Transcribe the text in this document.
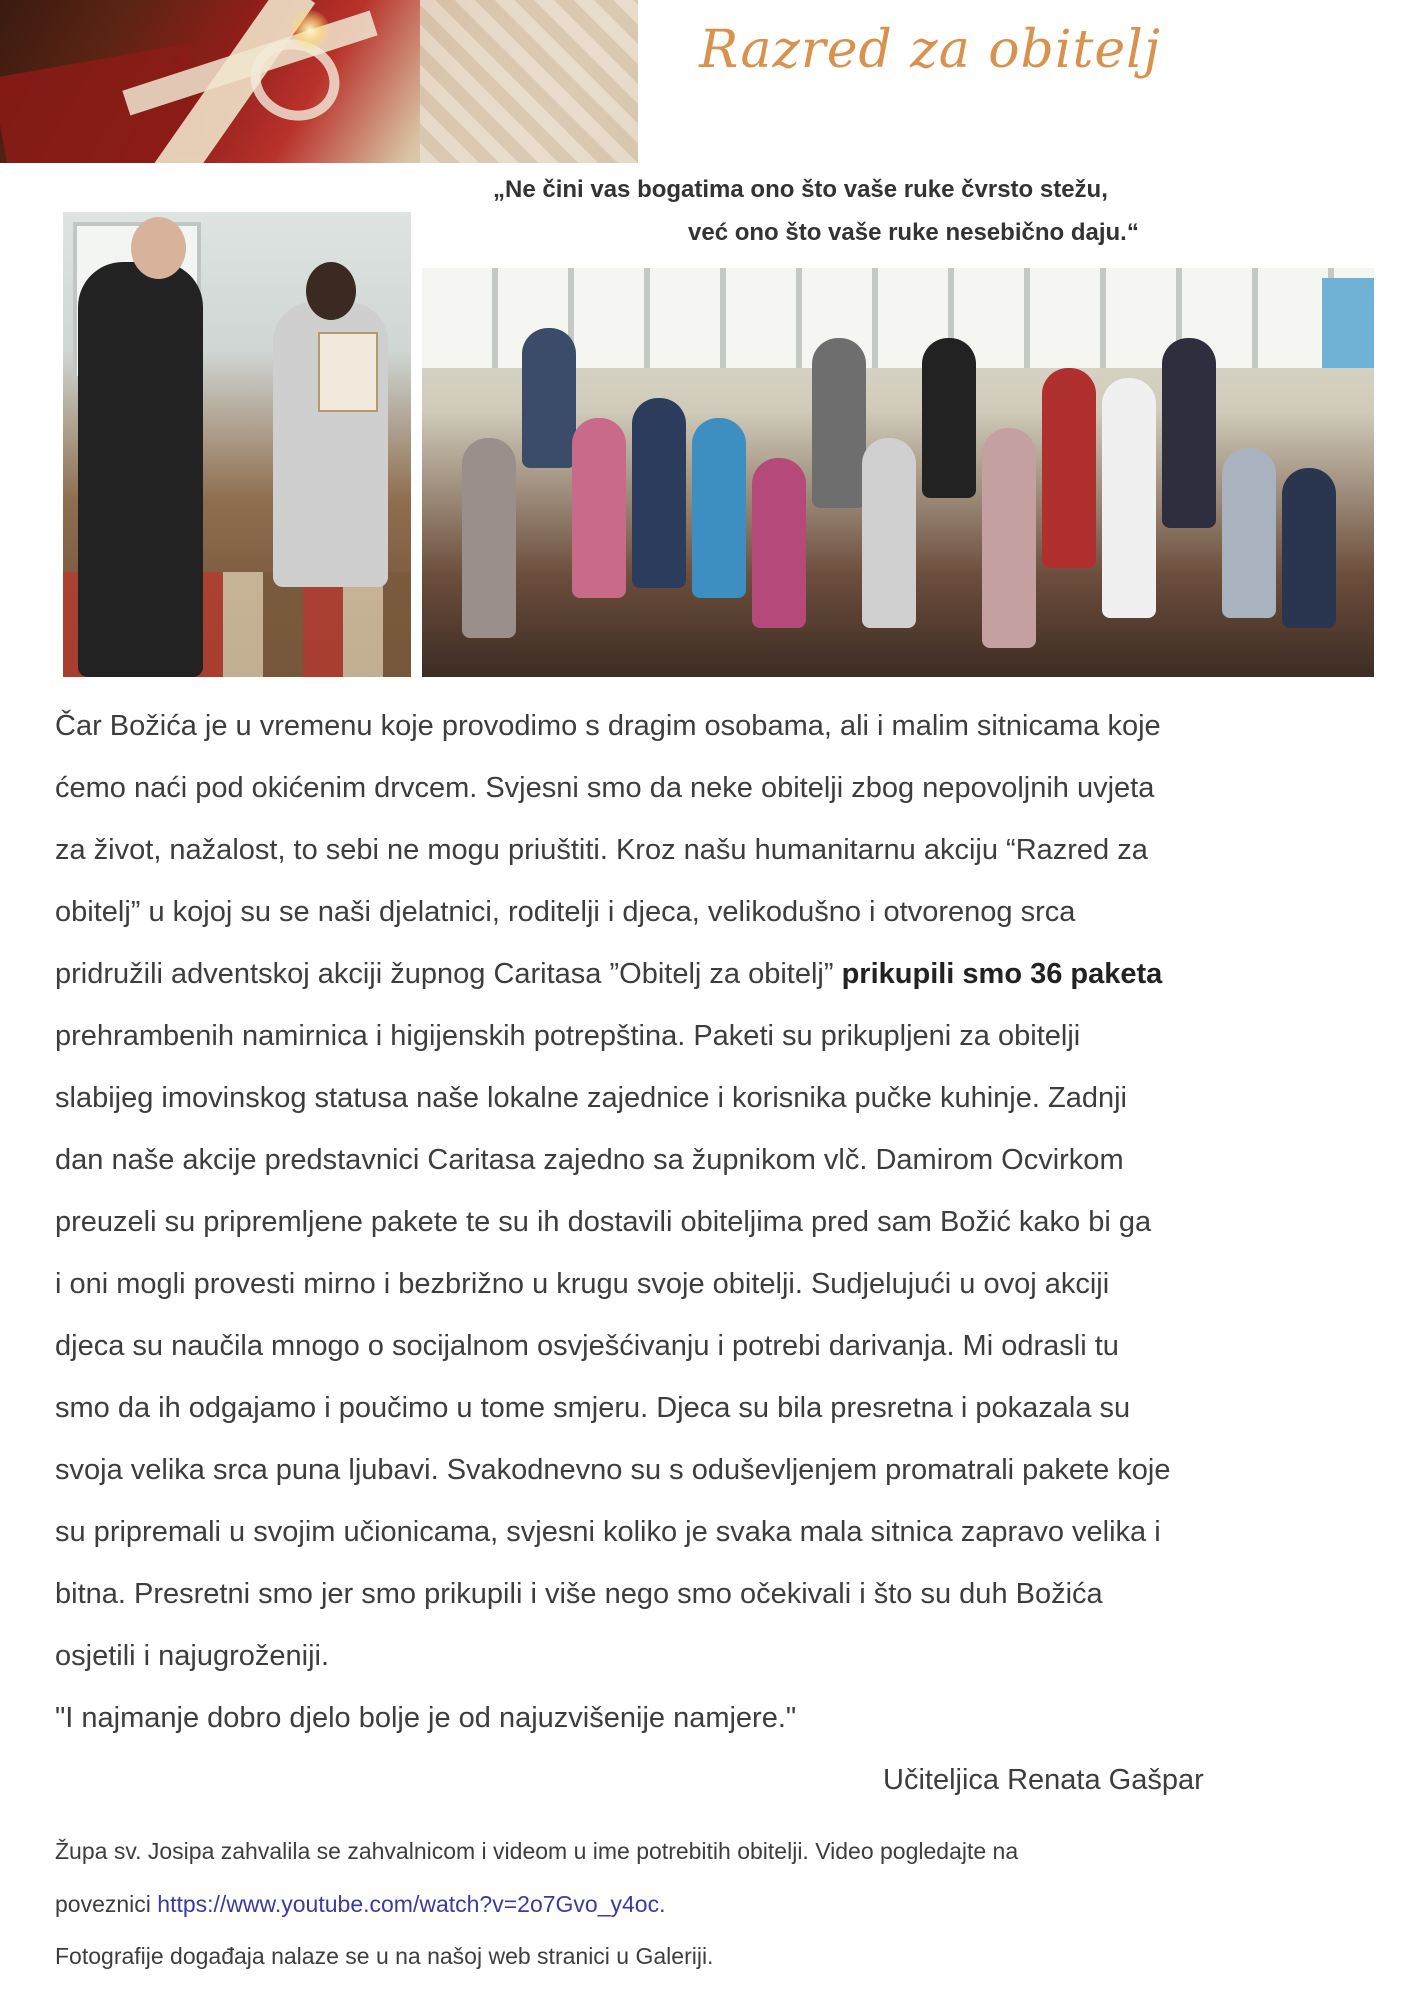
Razred za obitelj
„Ne čini vas bogatima ono što vaše ruke čvrsto stežu,
već ono što vaše ruke nesebično daju.“
Čar Božića je u vremenu koje provodimo s dragim osobama, ali i malim sitnicama koje
ćemo naći pod okićenim drvcem. Svjesni smo da neke obitelji zbog nepovoljnih uvjeta
za život, nažalost, to sebi ne mogu priuštiti. Kroz našu humanitarnu akciju “Razred za
obitelj” u kojoj su se naši djelatnici, roditelji i djeca, velikodušno i otvorenog srca
pridružili adventskoj akciji župnog Caritasa ”Obitelj za obitelj” prikupili smo 36 paketa
prehrambenih namirnica i higijenskih potrepština. Paketi su prikupljeni za obitelji
slabijeg imovinskog statusa naše lokalne zajednice i korisnika pučke kuhinje. Zadnji
dan naše akcije predstavnici Caritasa zajedno sa župnikom vlč. Damirom Ocvirkom
preuzeli su pripremljene pakete te su ih dostavili obiteljima pred sam Božić kako bi ga
i oni mogli provesti mirno i bezbrižno u krugu svoje obitelji. Sudjelujući u ovoj akciji
djeca su naučila mnogo o socijalnom osvješćivanju i potrebi darivanja. Mi odrasli tu
smo da ih odgajamo i poučimo u tome smjeru. Djeca su bila presretna i pokazala su
svoja velika srca puna ljubavi. Svakodnevno su s oduševljenjem promatrali pakete koje
su pripremali u svojim učionicama, svjesni koliko je svaka mala sitnica zapravo velika i
bitna. Presretni smo jer smo prikupili i više nego smo očekivali i što su duh Božića
osjetili i najugroženiji.
"I najmanje dobro djelo bolje je od najuzvišenije namjere."
Učiteljica Renata Gašpar
Župa sv. Josipa zahvalila se zahvalnicom i videom u ime potrebitih obitelji. Video pogledajte na
poveznici https://www.youtube.com/watch?v=2o7Gvo_y4oc.
Fotografije događaja nalaze se u na našoj web stranici u Galeriji.
